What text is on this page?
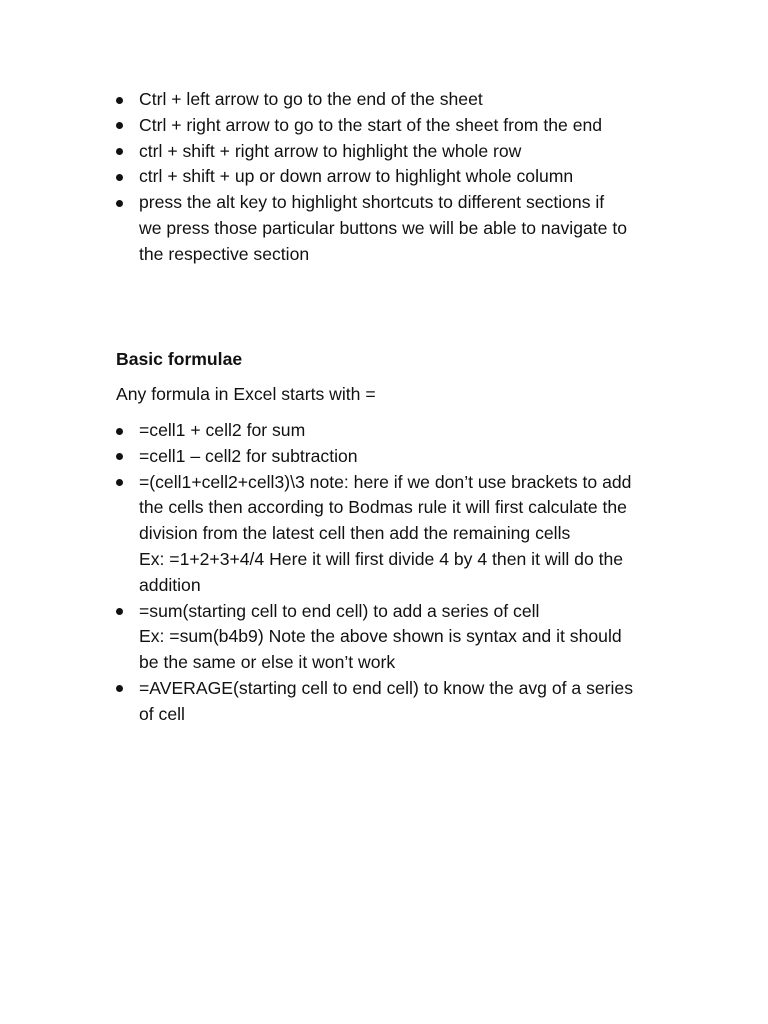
Ctrl + left arrow to go to the end of the sheet
Ctrl + right arrow to go to the start of the sheet from the end
ctrl + shift + right arrow to highlight the whole row
ctrl + shift + up or down arrow to highlight whole column
press the alt key to highlight shortcuts to different sections if
we press those particular buttons we will be able to navigate to
the respective section

Basic formulae

Any formula in Excel starts with =

=cell1 + cell2 for sum
=cell1 – cell2 for subtraction
=(cell1+cell2+cell3)\3 note: here if we don’t use brackets to add
the cells then according to Bodmas rule it will first calculate the
division from the latest cell then add the remaining cells
Ex: =1+2+3+4/4 Here it will first divide 4 by 4 then it will do the
addition
=sum(starting cell to end cell) to add a series of cell
Ex: =sum(b4b9) Note the above shown is syntax and it should
be the same or else it won’t work
=AVERAGE(starting cell to end cell) to know the avg of a series
of cell
